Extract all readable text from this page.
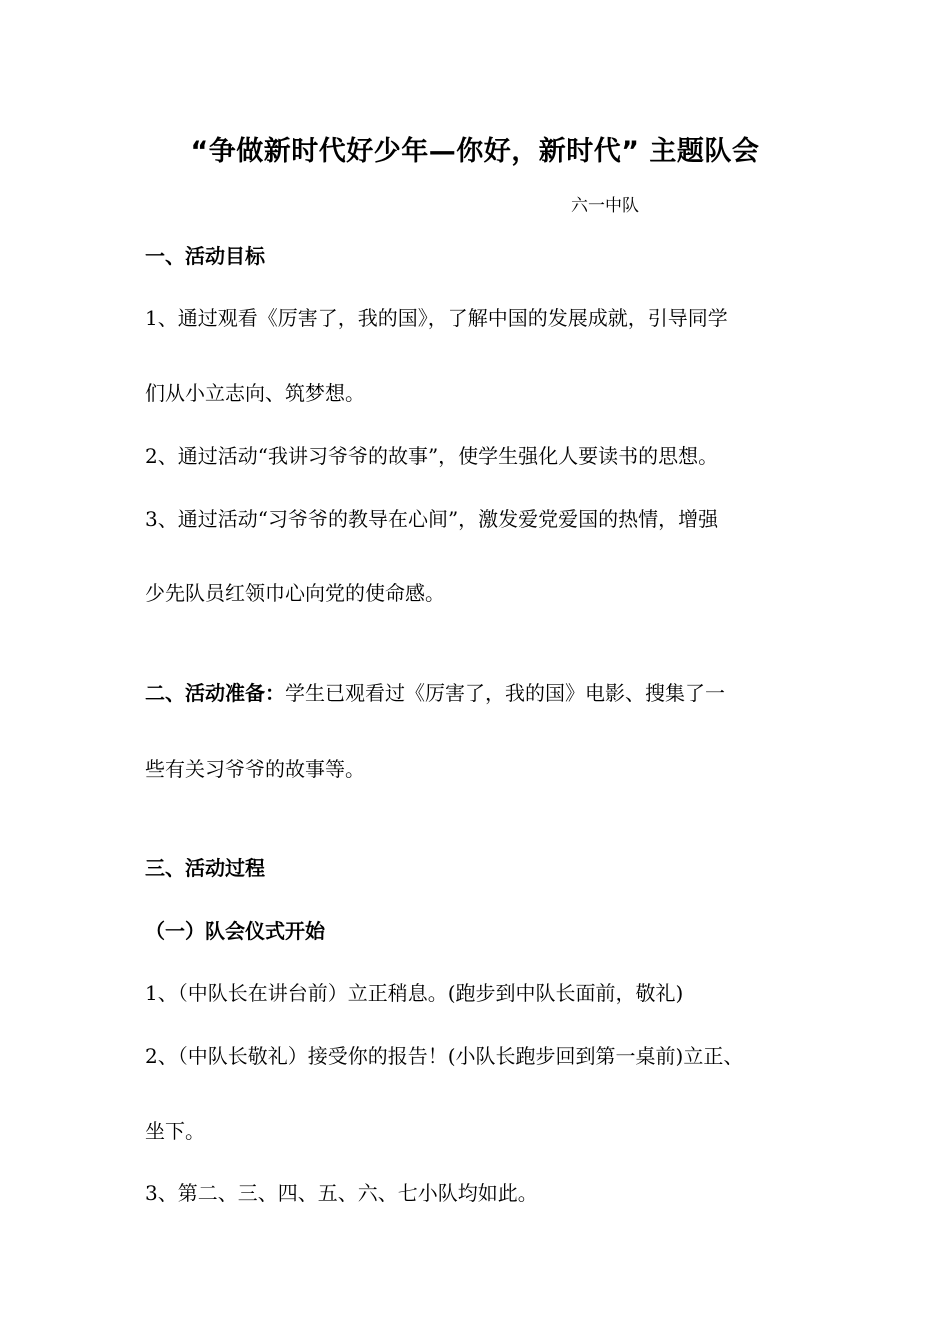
“争做新时代好少年—你好，新时代” 主题队会
六一中队
一、活动目标
1、通过观看《厉害了，我的国》，了解中国的发展成就，引导同学
们从小立志向、筑梦想。
2、通过活动“我讲习爷爷的故事”，使学生强化人要读书的思想。
3、通过活动“习爷爷的教导在心间”，激发爱党爱国的热情，增强
少先队员红领巾心向党的使命感。
二、活动准备：学生已观看过《厉害了，我的国》电影、搜集了一
些有关习爷爷的故事等。
三、活动过程
（一）队会仪式开始
1、（中队长在讲台前）立正稍息。(跑步到中队长面前，敬礼)
2、（中队长敬礼）接受你的报告！(小队长跑步回到第一桌前)立正、
坐下。
3、第二、三、四、五、六、七小队均如此。
